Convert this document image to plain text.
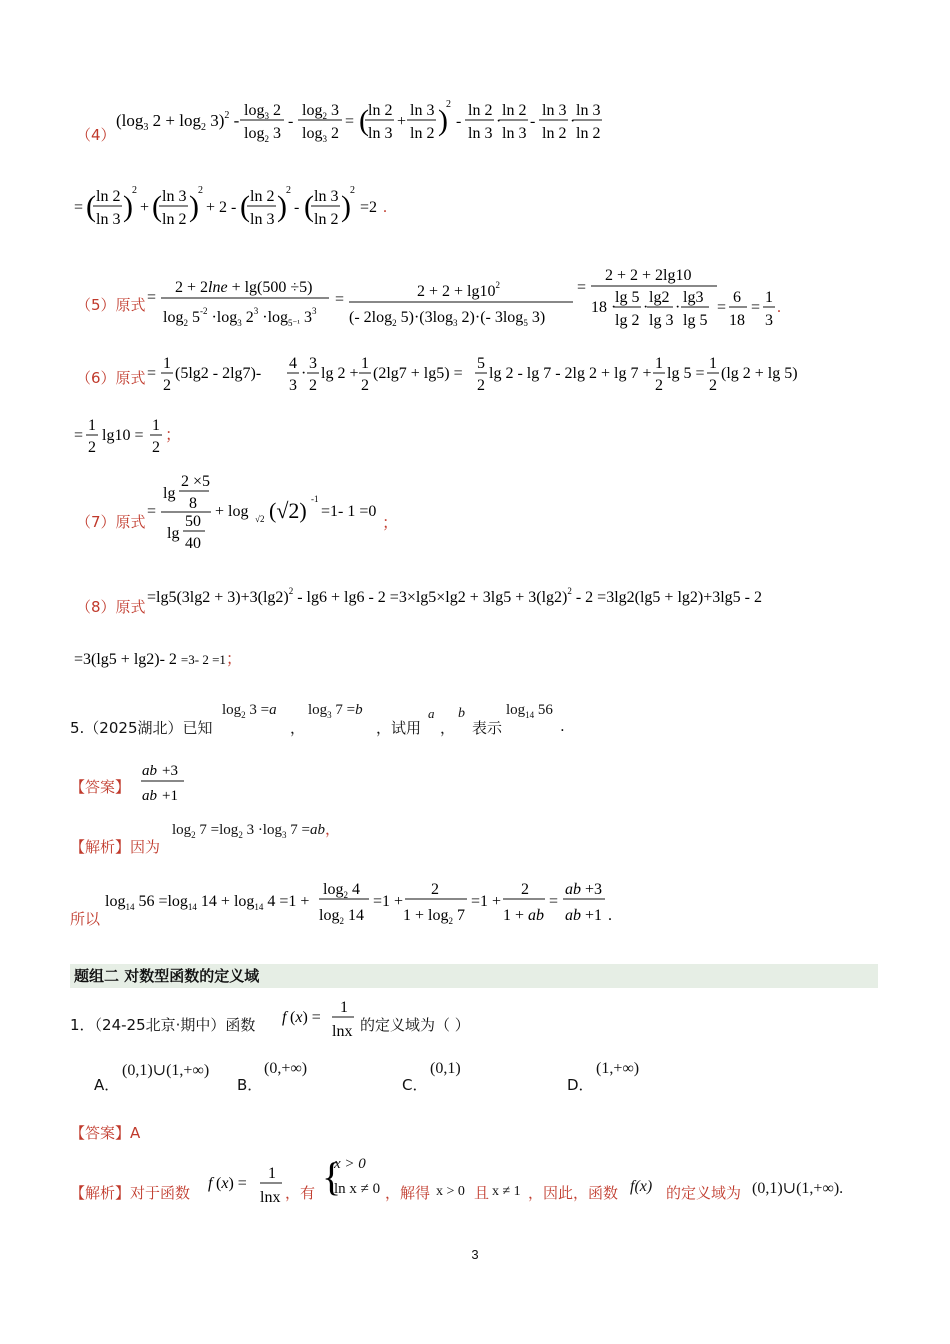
（4）
($\log_3$ $2 + \log_2 3)^2$ -
$\log_3 2$
$\log_2 3$
-
$\log_2 3$
$\log_3 2$
= ( ln 2
ln 3
+
ln 3
ln 2 )
2
-
ln 2
ln 3
·
ln 2
ln 3
-
ln 3
ln 2
·
ln 3
ln 2
= ( ln 2
ln 3 ) 2
+ ( ln 3
ln 2 ) 2
+ 2 - ( ln 2
ln 3 ) 2
- ( ln 3
ln 2 ) 2
=2 .
（5）原式 =
2 + 2lne + lg(500 ÷5)
$\log_2 5^{-2} \cdot\log_3$ $2^3 \cdot\log_{5^{-1}}$ $3^3$
=	$2 + 2 + \lg 10^2$
(- $2\log_2$ $5)\cdot(3\log_3$ 2)·(- $3\log_5$ 3)
=
2 + 2 + 2lg10
18 ·
lg 5
lg 2
·
lg2
lg 3
·
lg3
lg 5
=
6
18
=
1
3
.
（6）原式 =
1
2
(5lg2 - 2lg7)-
4
3
·
3
2
lg 2 +
1
2
(2lg7 + lg5) =
5
2
lg 2 - lg 7 - 2lg 2 + lg 7 +
1
2
lg 5 =
1
2
(lg 2 + lg 5)
=
1
2
lg10 =
1
2
；
（7）原式
=
lg
2 ×5
8
lg
50
40
+ log √2 (√2) -1
=1- 1 =0
；
（8）原式
$=\lg 5(3\lg 2 + 3)+3(\lg 2)^2 - \lg 6 + \lg 6 - 2 =3\times\lg 5\times\lg 2 + 3\lg 5 + 3(\lg 2)^2 - 2 =3\lg 2(\lg 5 + \lg 2)+3\lg 5 - 2$
=3(lg5 + lg2)- 2 =3- 2 =1；
5.（2025湖北）已知
$\log_2 3 =a$
，
$\log_3 7 =b$
，试用
a
，
b
表示
$\log_{14} 56$
.
【答案】
ab +3
ab +1
【解析】因为
$\log_2 7 =\log_2$ $3 \cdot\log_3$ 7 =ab，
所以
$\log_{14} 56 =\log_{14}$ $14 + \log_{14} 4 =1$ +
$\log_2 4$
$\log_2 14$
=1 +
2
$1 + \log_2 7$
=1 +
2
1 + ab
=
ab +3
ab +1 .
题组二 对数型函数的定义域
1．（24-25北京·期中）函数 f (x) =
1
lnx 的定义域为（ ）
A．
(0,1)∪(1,+∞)
B．
(0,+∞)
C．
(0,1)
D．
(1,+∞)
【答案】A
【解析】对于函数
f (x) =
1
lnx ，有 {
x > 0
ln x ≠ 0 ，解得 x > 0 且 x ≠ 1 ，因此，函数 f(x) 的定义域为 (0,1)∪(1,+∞).
3
